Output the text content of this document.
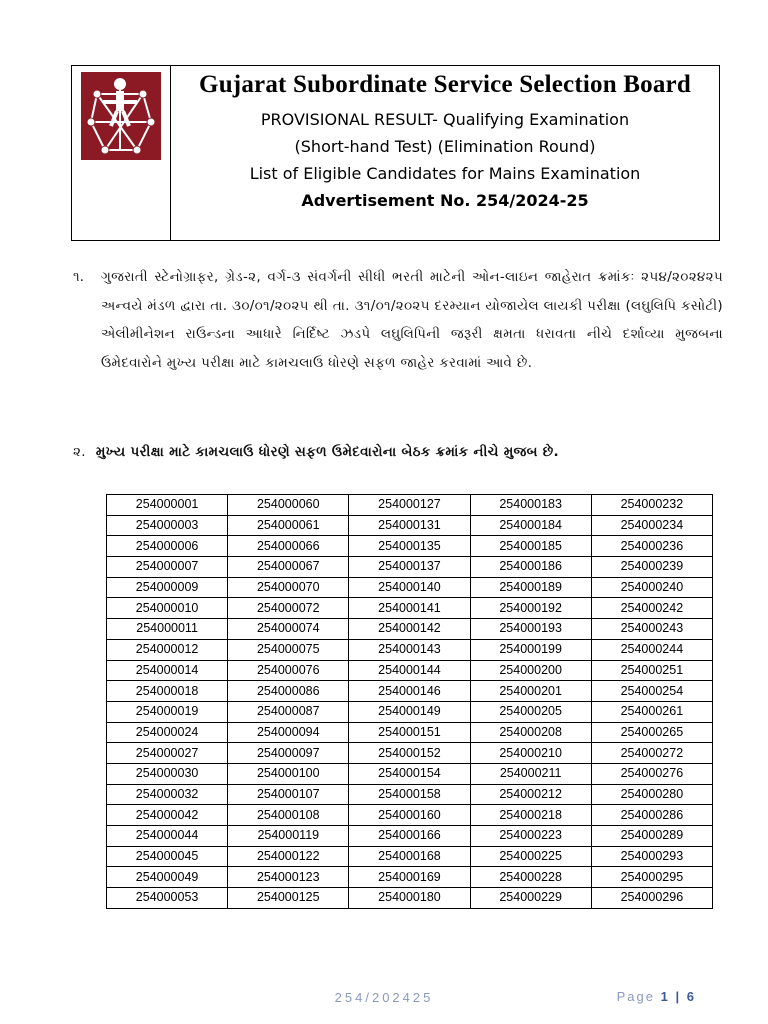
Gujarat Subordinate Service Selection Board
PROVISIONAL RESULT- Qualifying Examination
(Short-hand Test) (Elimination Round)
List of Eligible Candidates for Mains Examination
Advertisement No. 254/2024-25
૧. ગુજરાતી સ્ટેનોગ્રાફર, ગ્રેડ-૨, વર્ગ-૩ સંવર્ગની સીધી ભરતી માટેની ઓન-લાઇન જાહેરાત ક્રમાંકઃ ૨૫૪/૨૦૨૪૨૫ અન્વયે મંડળ દ્વારા તા. ૩૦/૦૧/૨૦૨૫ થી તા. ૩૧/૦૧/૨૦૨૫ દરમ્યાન યોજાયેલ લાયકી પરીક્ષા (લઘુલિપિ કસોટી) એલીમીનેશન રાઉન્ડના આધારે નિર્દિષ્ટ ઝડપે લઘુલિપિની જરૂરી ક્ષમતા ધરાવતા નીચે દર્શાવ્યા મુજબના ઉમેદવારોને મુખ્ય પરીક્ષા માટે કામચલાઉ ધોરણે સફળ જાહેર કરવામાં આવે છે.
૨. મુખ્ય પરીક્ષા માટે કામચલાઉ ધોરણે સફળ ઉમેદવારોના બેઠક ક્રમાંક નીચે મુજબ છે.
254000001	254000060	254000127	254000183	254000232
254000003	254000061	254000131	254000184	254000234
254000006	254000066	254000135	254000185	254000236
254000007	254000067	254000137	254000186	254000239
254000009	254000070	254000140	254000189	254000240
254000010	254000072	254000141	254000192	254000242
254000011	254000074	254000142	254000193	254000243
254000012	254000075	254000143	254000199	254000244
254000014	254000076	254000144	254000200	254000251
254000018	254000086	254000146	254000201	254000254
254000019	254000087	254000149	254000205	254000261
254000024	254000094	254000151	254000208	254000265
254000027	254000097	254000152	254000210	254000272
254000030	254000100	254000154	254000211	254000276
254000032	254000107	254000158	254000212	254000280
254000042	254000108	254000160	254000218	254000286
254000044	254000119	254000166	254000223	254000289
254000045	254000122	254000168	254000225	254000293
254000049	254000123	254000169	254000228	254000295
254000053	254000125	254000180	254000229	254000296
254/202425	Page 1 | 6
